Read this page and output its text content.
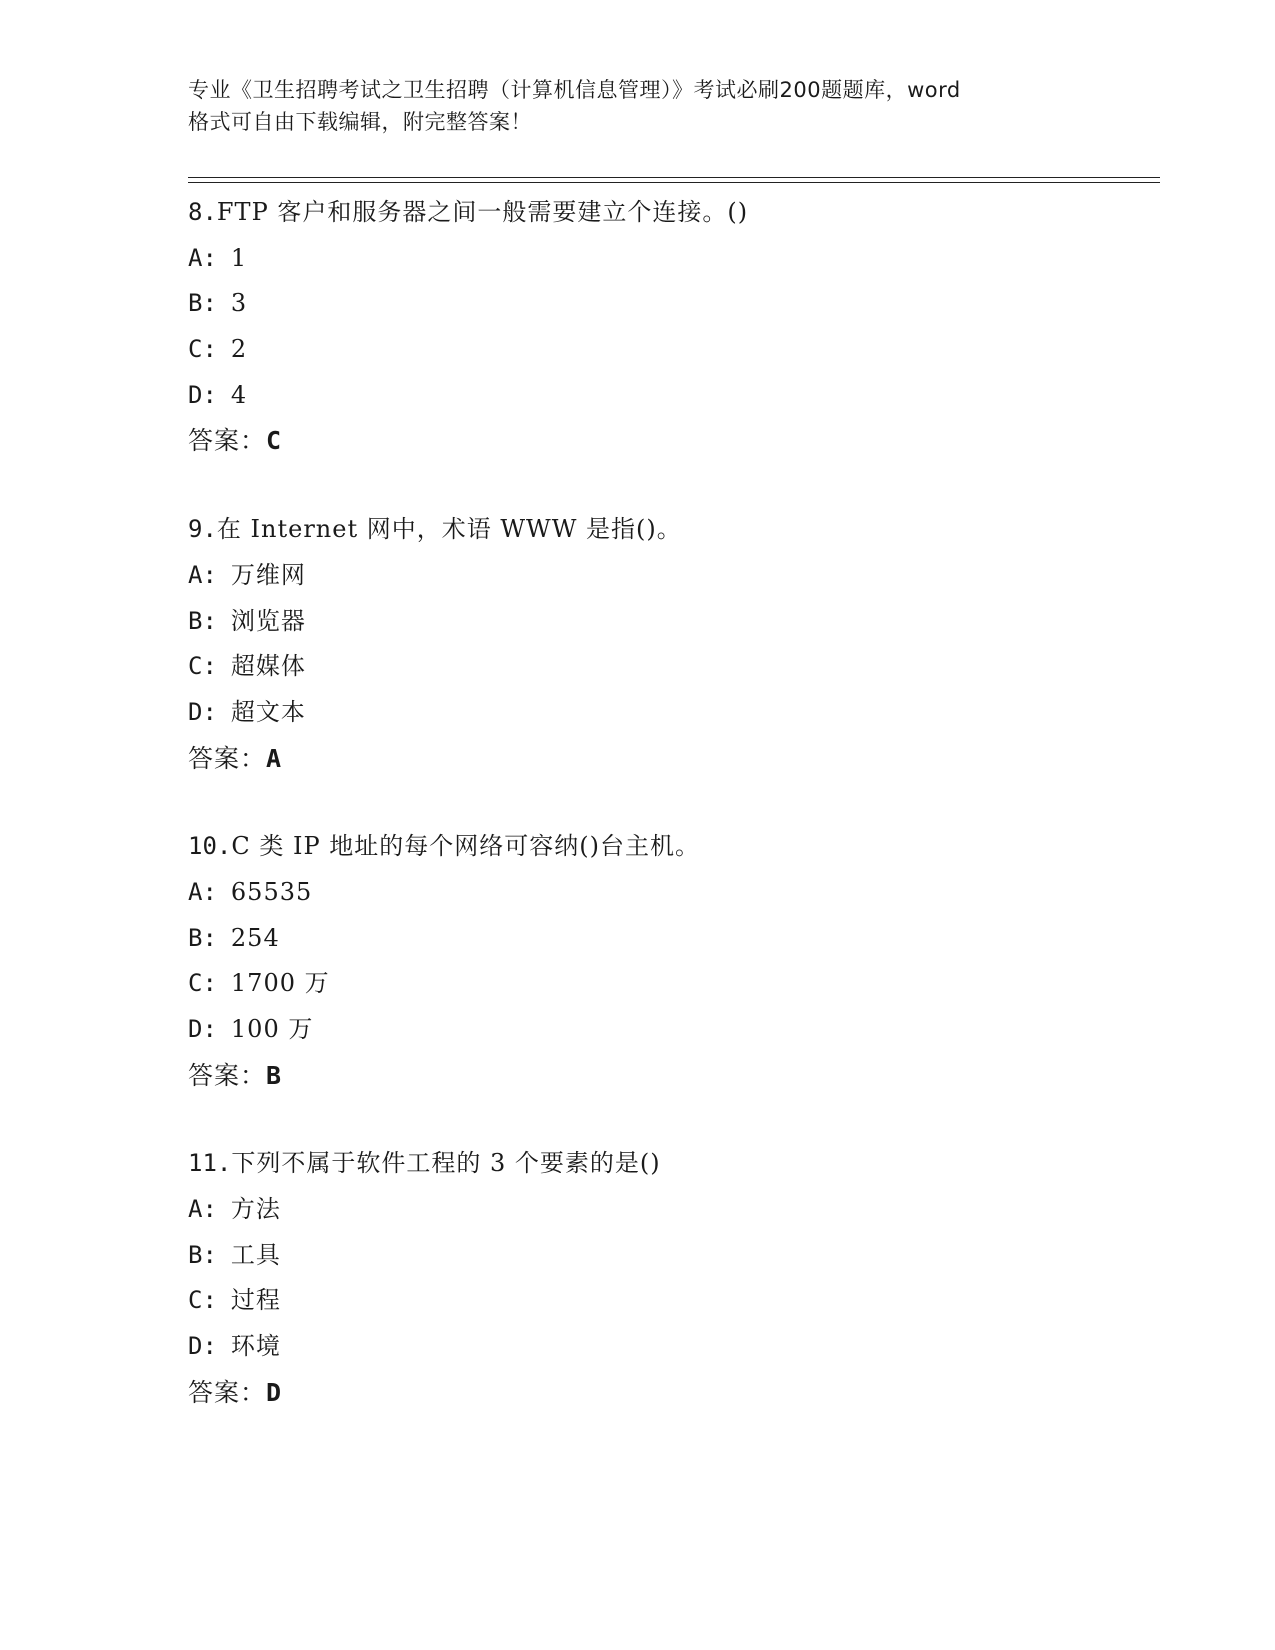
专业《卫生招聘考试之卫生招聘（计算机信息管理）》考试必刷200题题库，word
格式可自由下载编辑，附完整答案！
8.FTP 客户和服务器之间一般需要建立个连接。()
A: 1
B: 3
C: 2
D: 4
答案：C
9.在 Internet 网中，术语 WWW 是指()。
A: 万维网
B: 浏览器
C: 超媒体
D: 超文本
答案：A
10.C 类 IP 地址的每个网络可容纳()台主机。
A: 65535
B: 254
C: 1700 万
D: 100 万
答案：B
11.下列不属于软件工程的 3 个要素的是()
A: 方法
B: 工具
C: 过程
D: 环境
答案：D
